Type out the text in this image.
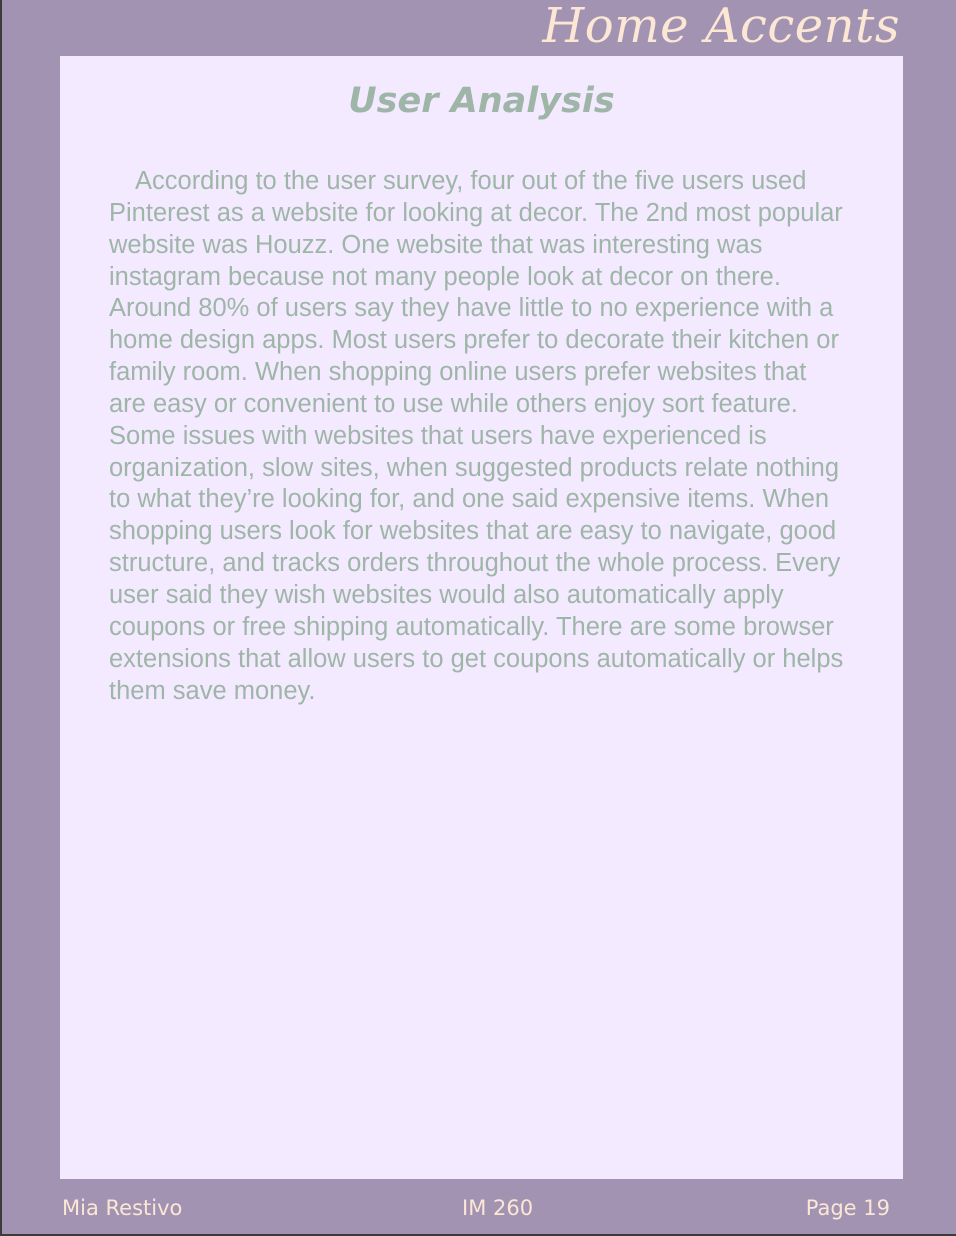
Home Accents
User Analysis

According to the user survey, four out of the five users used Pinterest as a website for looking at decor. The 2nd most popular website was Houzz. One website that was interesting was instagram because not many people look at decor on there. Around 80% of users say they have little to no experience with a home design apps. Most users prefer to decorate their kitchen or family room. When shopping online users prefer websites that are easy or convenient to use while others enjoy sort feature. Some issues with websites that users have experienced is organization, slow sites, when suggested products relate nothing to what they’re looking for, and one said expensive items. When shopping users look for websites that are easy to navigate, good structure, and tracks orders throughout the whole process. Every user said they wish websites would also automatically apply coupons or free shipping automatically. There are some browser extensions that allow users to get coupons automatically or helps them save money.

Mia Restivo	IM 260	Page 19
